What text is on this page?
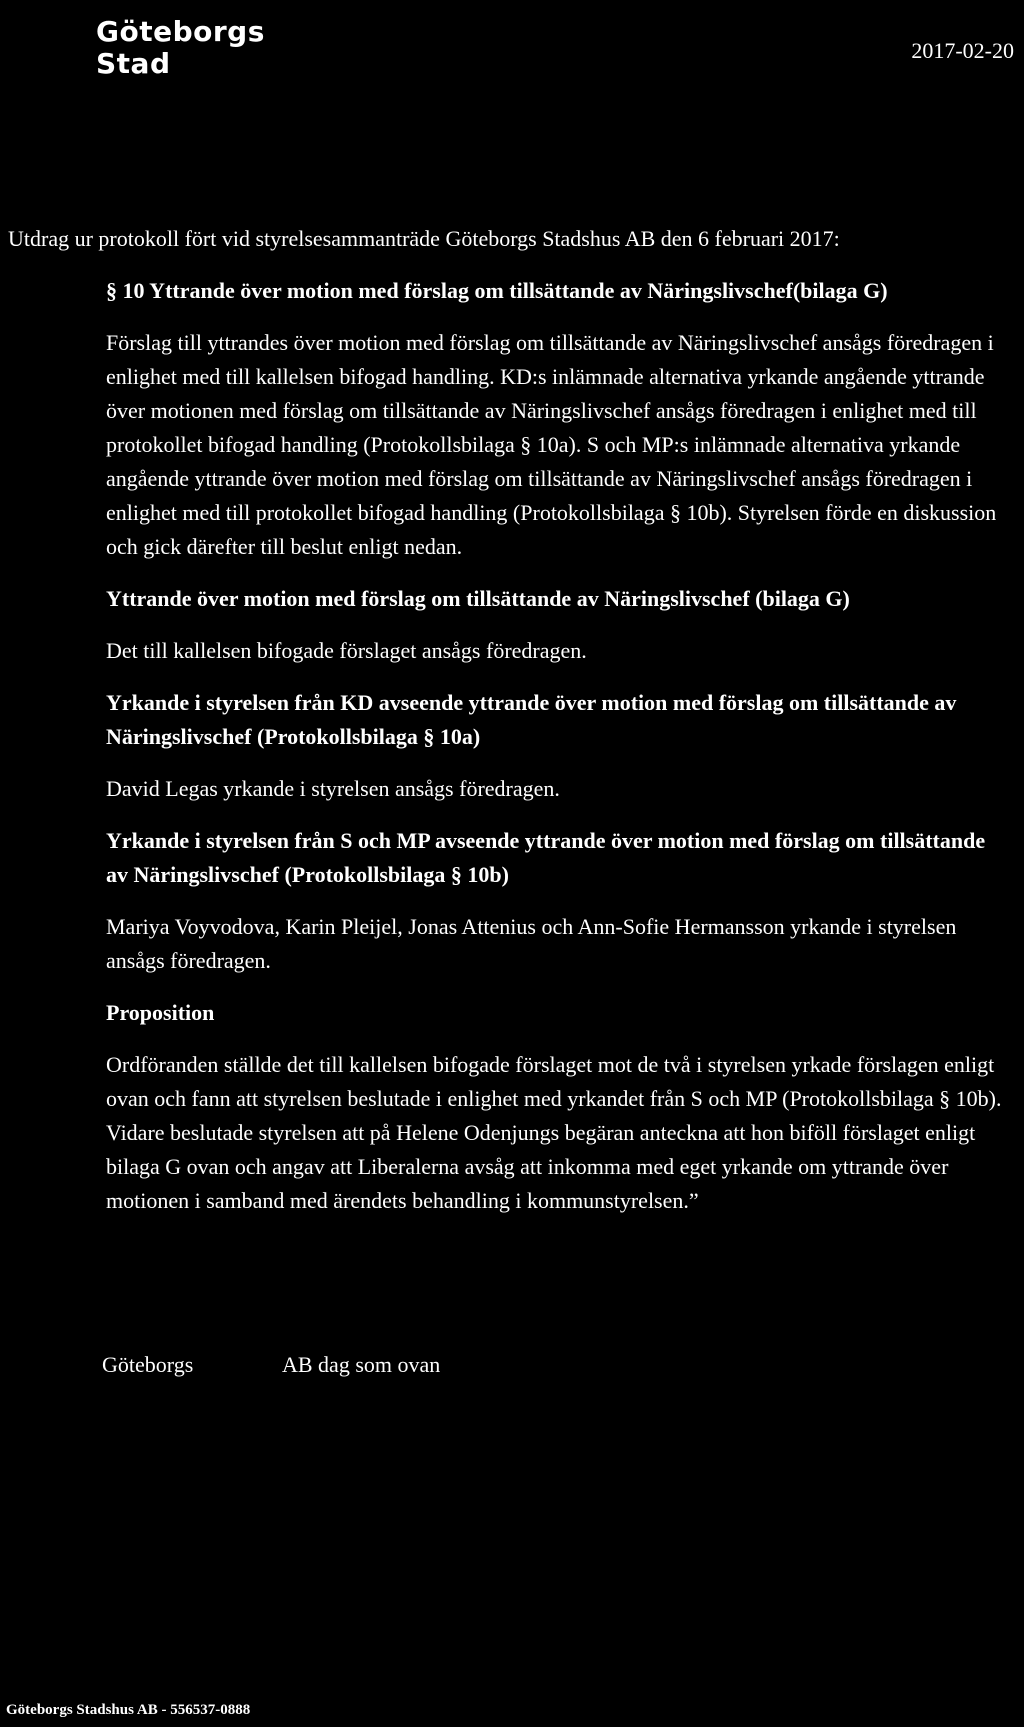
Göteborgs
Stad	2017-02-20
Utdrag ur protokoll fört vid styrelsesammanträde Göteborgs Stadshus AB den 6 februari 2017:

§ 10 Yttrande över motion med förslag om tillsättande av Näringslivschef(bilaga G)

Förslag till yttrandes över motion med förslag om tillsättande av Näringslivschef ansågs föredragen i enlighet med till kallelsen bifogad handling. KD:s inlämnade alternativa yrkande angående yttrande över motionen med förslag om tillsättande av Näringslivschef ansågs föredragen i enlighet med till protokollet bifogad handling (Protokollsbilaga § 10a). S och MP:s inlämnade alternativa yrkande angående yttrande över motion med förslag om tillsättande av Näringslivschef ansågs föredragen i enlighet med till protokollet bifogad handling (Protokollsbilaga § 10b). Styrelsen förde en diskussion och gick därefter till beslut enligt nedan.

Yttrande över motion med förslag om tillsättande av Näringslivschef (bilaga G)

Det till kallelsen bifogade förslaget ansågs föredragen.

Yrkande i styrelsen från KD avseende yttrande över motion med förslag om tillsättande av Näringslivschef (Protokollsbilaga § 10a)

David Legas yrkande i styrelsen ansågs föredragen.

Yrkande i styrelsen från S och MP avseende yttrande över motion med förslag om tillsättande av Näringslivschef (Protokollsbilaga § 10b)

Mariya Voyvodova, Karin Pleijel, Jonas Attenius och Ann-Sofie Hermansson yrkande i styrelsen ansågs föredragen.

Proposition

Ordföranden ställde det till kallelsen bifogade förslaget mot de två i styrelsen yrkade förslagen enligt ovan och fann att styrelsen beslutade i enlighet med yrkandet från S och MP (Protokollsbilaga § 10b). Vidare beslutade styrelsen att på Helene Odenjungs begäran anteckna att hon biföll förslaget enligt bilaga G ovan och angav att Liberalerna avsåg att inkomma med eget yrkande om yttrande över motionen i samband med ärendets behandling i kommunstyrelsen.”

Göteborgs	AB dag som ovan
Göteborgs Stadshus AB - 556537-0888
